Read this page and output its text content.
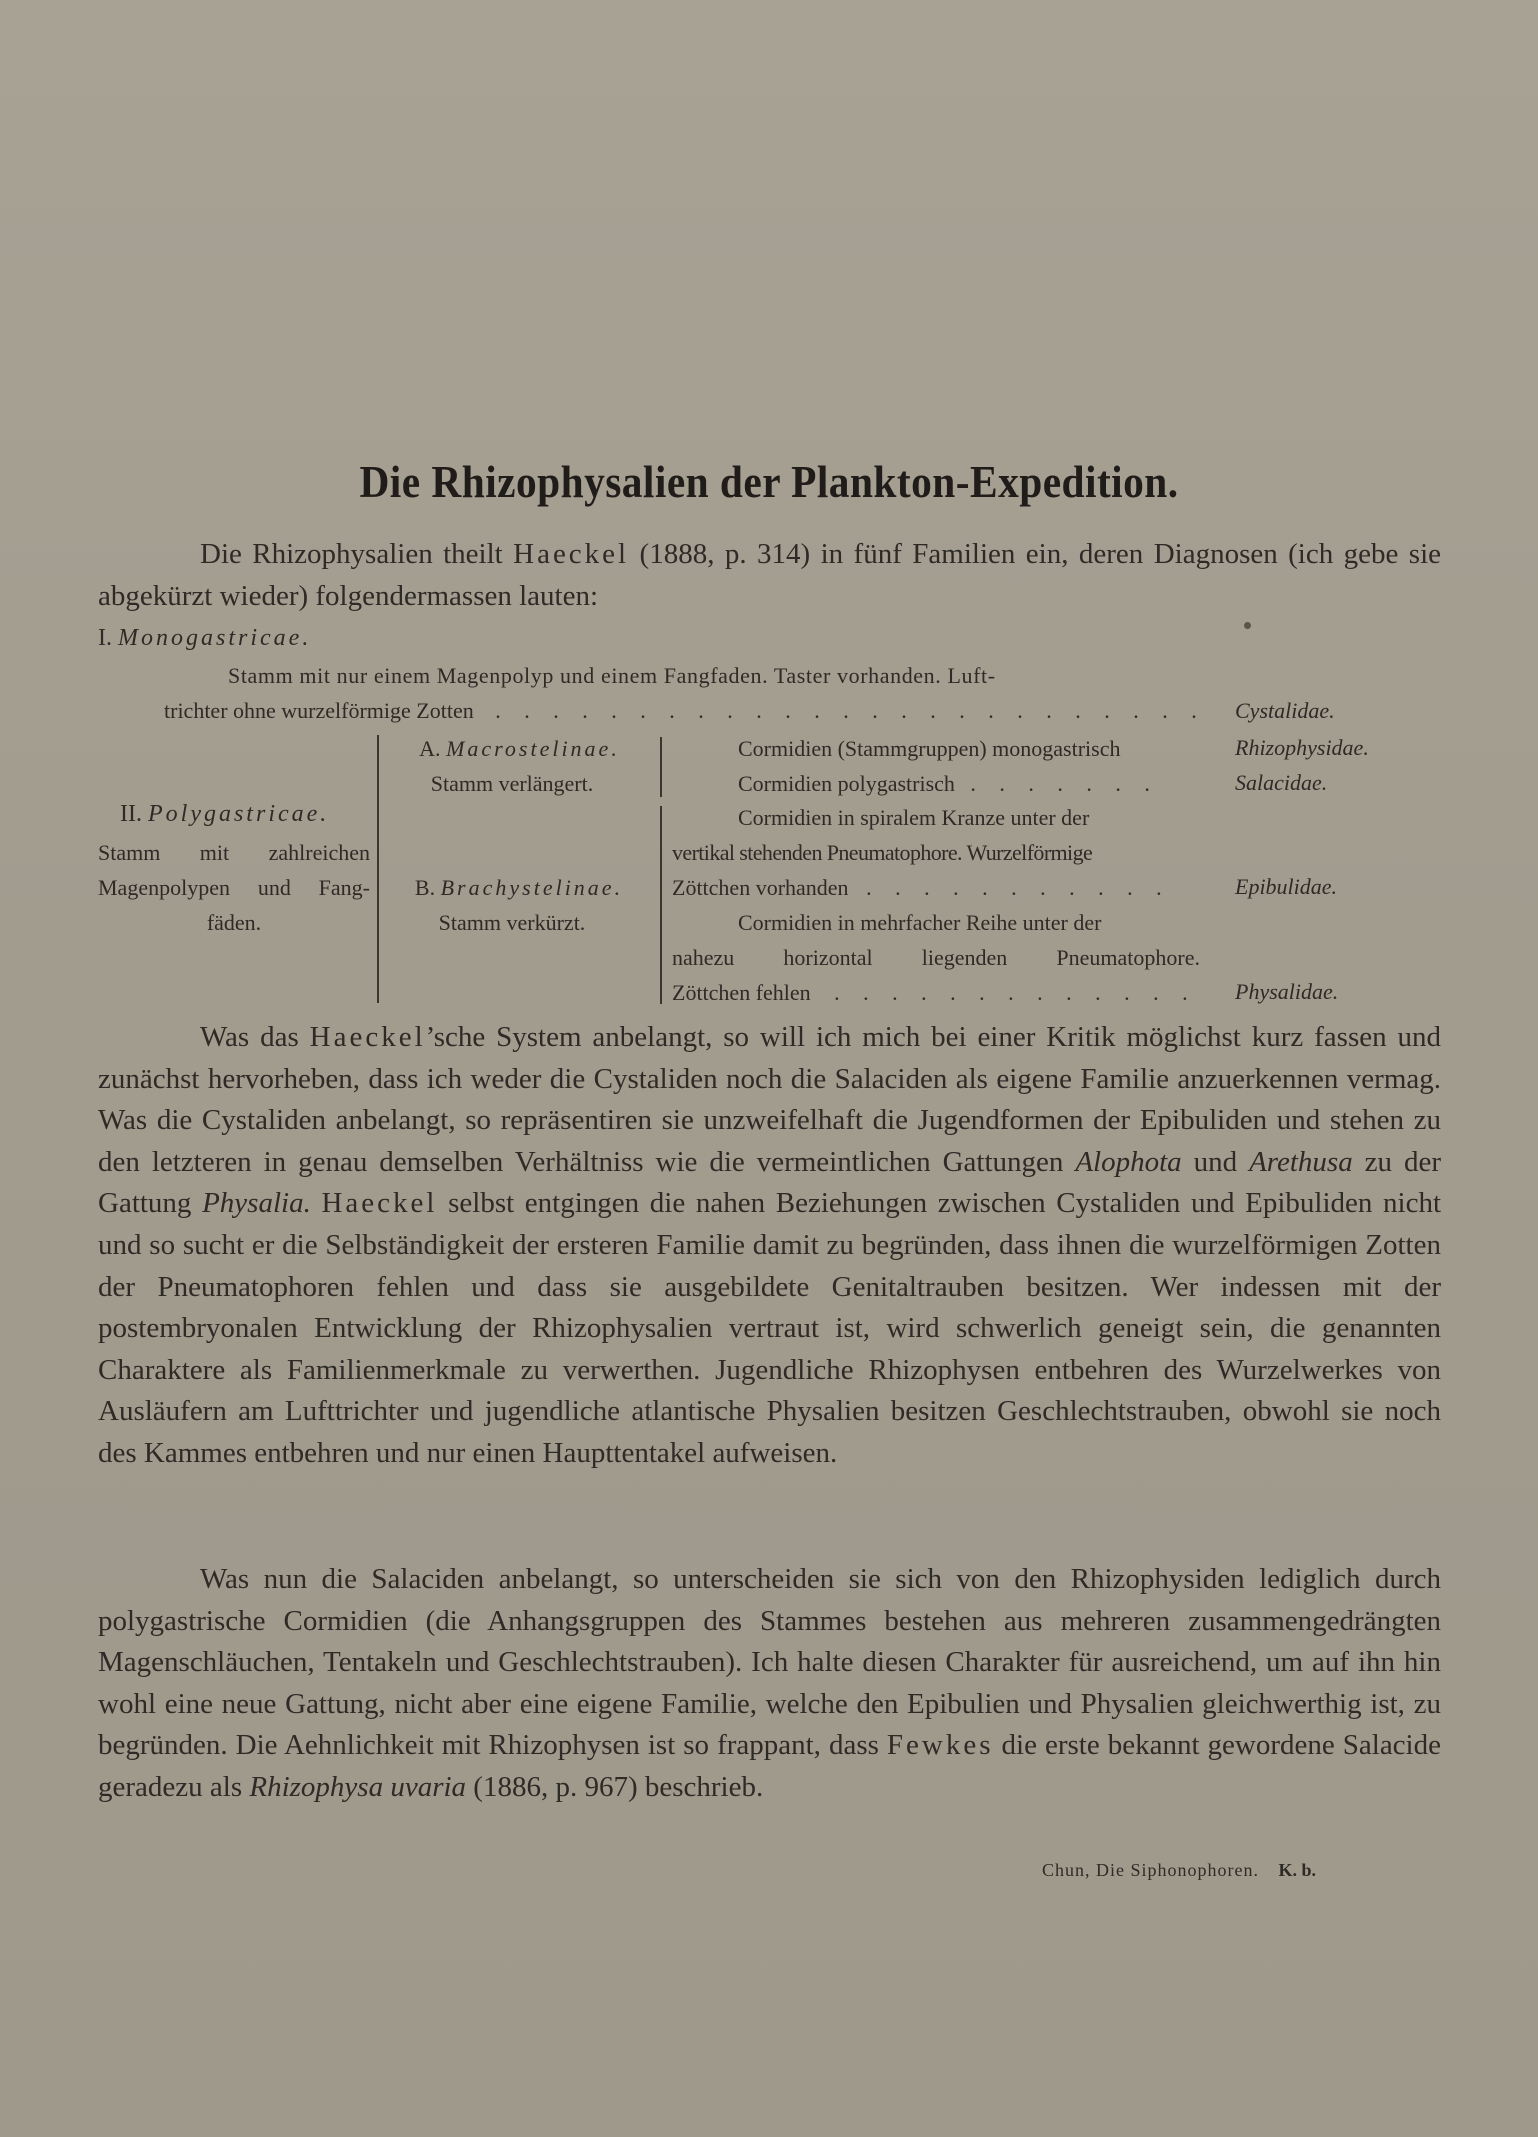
Die Rhizophysalien der Plankton-Expedition.

Die Rhizophysalien theilt Haeckel (1888, p. 314) in fünf Familien ein, deren Diagnosen (ich gebe sie abgekürzt wieder) folgendermassen lauten:

I. Monogastricae.
Stamm mit nur einem Magenpolyp und einem Fangfaden. Taster vorhanden. Luft-
trichter ohne wurzelförmige Zotten . . . . . . . . . . . . . . . . . . . . . . . . .
II. Polygastricae.
Stamm mit zahlreichen
Magenpolypen und Fang-
fäden.
A. Macrostelinae.
Stamm verlängert.
B. Brachystelinae.
Stamm verkürzt.
Cormidien (Stammgruppen) monogastrisch
Cormidien polygastrisch . . . . . . .
Cormidien in spiralem Kranze unter der
vertikal stehenden Pneumatophore. Wurzelförmige
Zöttchen vorhanden . . . . . . . . . . .
Cormidien in mehrfacher Reihe unter der
nahezu horizontal liegenden Pneumatophore.
Zöttchen fehlen . . . . . . . . . . . . .
Cystalidae.
Rhizophysidae.
Salacidae.
Epibulidae.
Physalidae.

Was das Haeckel’sche System anbelangt, so will ich mich bei einer Kritik möglichst kurz fassen und zunächst hervorheben, dass ich weder die Cystaliden noch die Salaciden als eigene Familie anzuerkennen vermag. Was die Cystaliden anbelangt, so repräsentiren sie unzweifelhaft die Jugendformen der Epibuliden und stehen zu den letzteren in genau demselben Verhältniss wie die vermeintlichen Gattungen Alophota und Arethusa zu der Gattung Physalia. Haeckel selbst entgingen die nahen Beziehungen zwischen Cystaliden und Epibuliden nicht und so sucht er die Selbständigkeit der ersteren Familie damit zu begründen, dass ihnen die wurzelförmigen Zotten der Pneumatophoren fehlen und dass sie ausgebildete Genitaltrauben besitzen. Wer indessen mit der postembryonalen Entwicklung der Rhizophysalien vertraut ist, wird schwerlich geneigt sein, die genannten Charaktere als Familienmerkmale zu verwerthen. Jugendliche Rhizophysen entbehren des Wurzelwerkes von Ausläufern am Lufttrichter und jugendliche atlantische Physalien besitzen Geschlechtstrauben, obwohl sie noch des Kammes entbehren und nur einen Haupttentakel aufweisen.

Was nun die Salaciden anbelangt, so unterscheiden sie sich von den Rhizophysiden lediglich durch polygastrische Cormidien (die Anhangsgruppen des Stammes bestehen aus mehreren zusammengedrängten Magenschläuchen, Tentakeln und Geschlechtstrauben). Ich halte diesen Charakter für ausreichend, um auf ihn hin wohl eine neue Gattung, nicht aber eine eigene Familie, welche den Epibulien und Physalien gleichwerthig ist, zu begründen. Die Aehnlichkeit mit Rhizophysen ist so frappant, dass Fewkes die erste bekannt gewordene Salacide geradezu als Rhizophysa uvaria (1886, p. 967) beschrieb.

Chun, Die Siphonophoren. K. b.
